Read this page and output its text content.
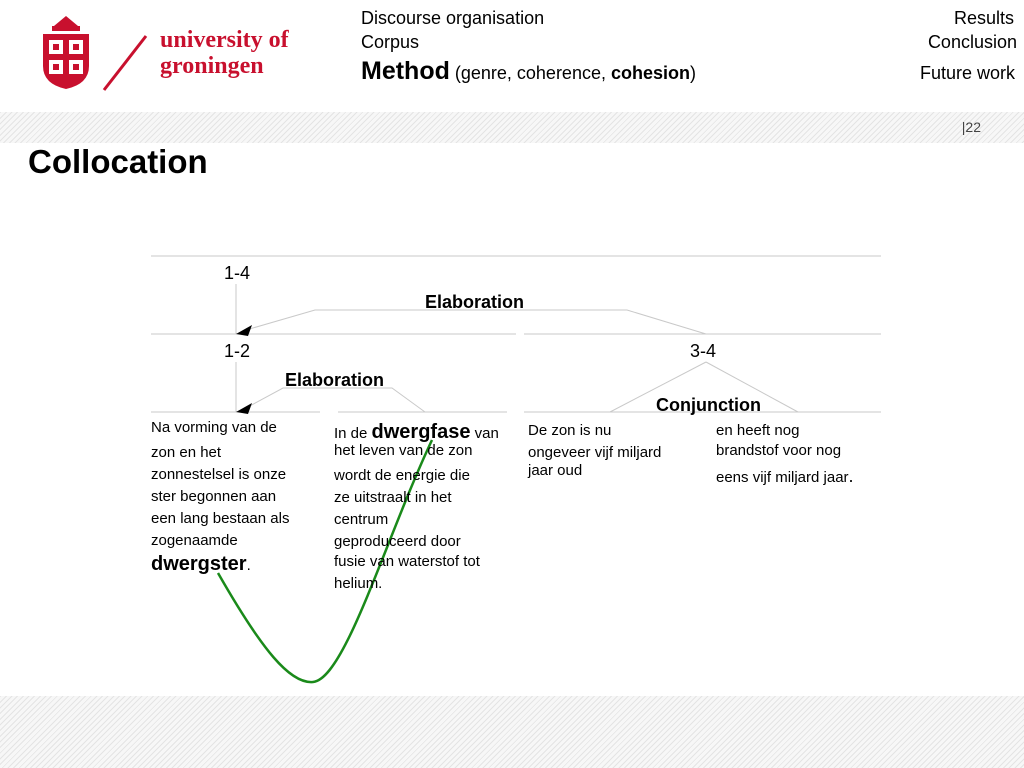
university of
groningen
Discourse organisation
Corpus
Method (genre, coherence, cohesion)
Results
Conclusion
Future work
|22
Collocation
1-4
Elaboration
1-2	3-4
Elaboration
Conjunction
Na vorming van de
zon en het
zonnestelsel is onze
ster begonnen aan
een lang bestaan als
zogenaamde
dwergster.
In de dwergfase van
het leven van de zon
wordt de energie die
ze uitstraalt in het
centrum
geproduceerd door
fusie van waterstof tot
helium.
De zon is nu
ongeveer vijf miljard
jaar oud
en heeft nog
brandstof voor nog
eens vijf miljard jaar.
